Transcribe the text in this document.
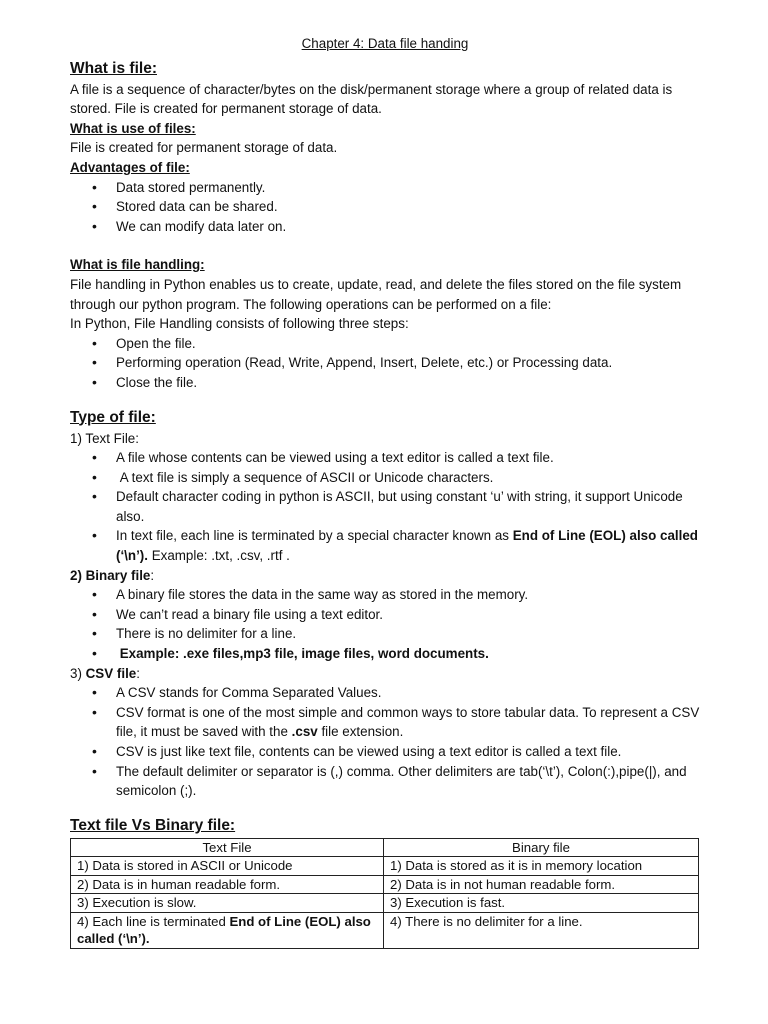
Chapter 4: Data file handing

What is file:

A file is a sequence of character/bytes on the disk/permanent storage where a group of related data is stored. File is created for permanent storage of data.

What is use of files:

File is created for permanent storage of data.

Advantages of file:
• Data stored permanently.
• Stored data can be shared.
• We can modify data later on.
What is file handling:

File handling in Python enables us to create, update, read, and delete the files stored on the file system through our python program. The following operations can be performed on a file:

In Python, File Handling consists of following three steps:

• Open the file.
• Performing operation (Read, Write, Append, Insert, Delete, etc.) or Processing data.
• Close the file.
Type of file:

1) Text File:

• A file whose contents can be viewed using a text editor is called a text file.
•  A text file is simply a sequence of ASCII or Unicode characters.
• Default character coding in python is ASCII, but using constant ‘u’ with string, it support Unicode also.
• In text file, each line is terminated by a special character known as End of Line (EOL) also called (‘\n’). Example: .txt, .csv, .rtf .

2) Binary file:

• A binary file stores the data in the same way as stored in the memory.
• We can’t read a binary file using a text editor.
• There is no delimiter for a line.
•  Example: .exe files,mp3 file, image files, word documents.

3) CSV file:

• A CSV stands for Comma Separated Values.
• CSV format is one of the most simple and common ways to store tabular data. To represent a CSV file, it must be saved with the .csv file extension.
• CSV is just like text file, contents can be viewed using a text editor is called a text file.
• The default delimiter or separator is (,) comma. Other delimiters are tab(‘\t’), Colon(:),pipe(|), and semicolon (;).
Text file Vs Binary file:
Text File	Binary file
1) Data is stored in ASCII or Unicode	1) Data is stored as it is in memory location
2) Data is in human readable form.	2) Data is in not human readable form.
3) Execution is slow.	3) Execution is fast.
4) Each line is terminated End of Line (EOL) also called (‘\n’).	4) There is no delimiter for a line.
